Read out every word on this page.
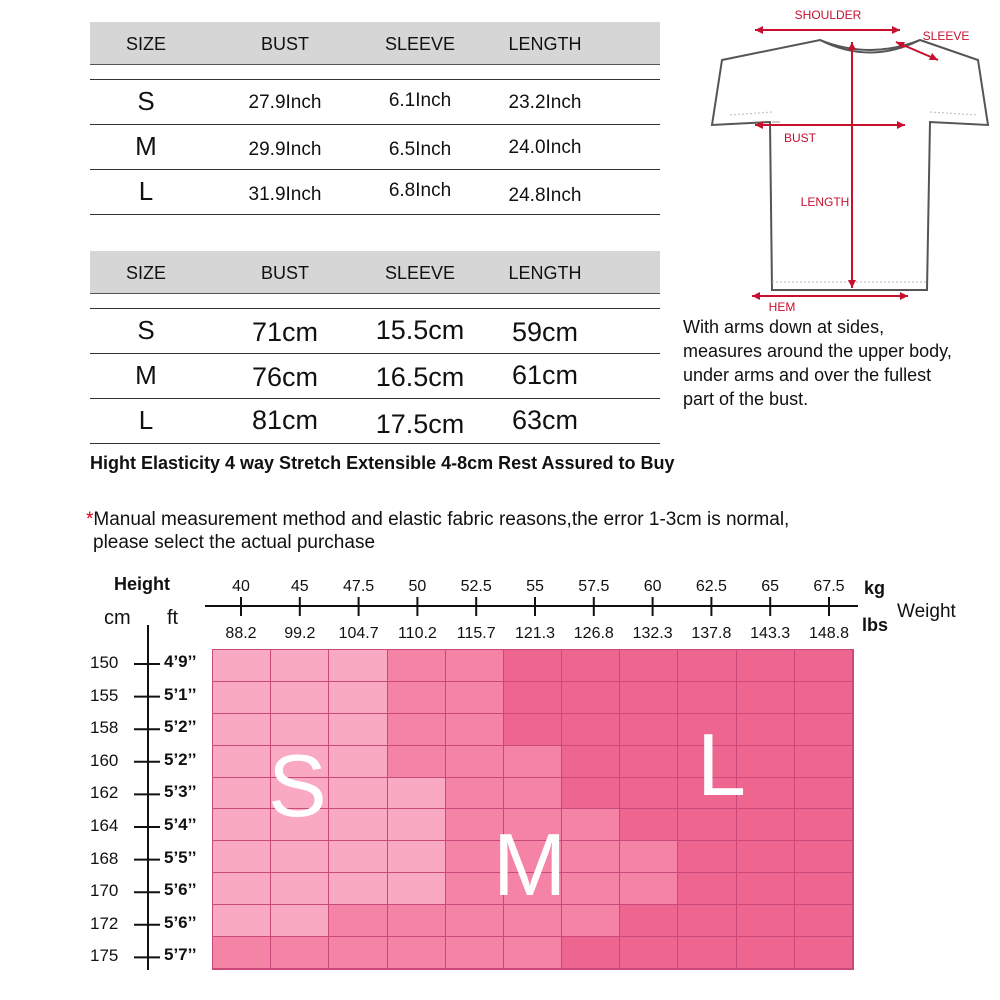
SIZE	BUST	SLEEVE	LENGTH
S	27.9Inch	6.1Inch	23.2Inch
M	29.9Inch	6.5Inch	24.0Inch
L	31.9Inch	6.8Inch	24.8Inch
SIZE	BUST	SLEEVE	LENGTH
S	71cm	15.5cm	59cm
M	76cm	16.5cm	61cm
L	81cm	17.5cm	63cm
SHOULDER
SLEEVE
BUST
LENGTH
HEM
With arms down at sides,
measures around the upper body,
under arms and over the fullest
part of the bust.
Hight Elasticity 4 way Stretch Extensible 4-8cm Rest Assured to Buy
*Manual measurement method and elastic fabric reasons,the error 1-3cm is normal,
please select the actual purchase
Height
cm ft
kg
lbs
Weight
40
88.2
45
99.2
47.5
104.7
50
110.2
52.5
115.7
55
121.3
57.5
126.8
60
132.3
62.5
137.8
65
143.3
67.5
148.8
150	4’9’’
155	5’1’’
158	5’2’’
160	5’2’’
162	5’3’’
164	5’4’’
168	5’5’’
170	5’6’’
172	5’6’’
175	5’7’’
S
M
L
